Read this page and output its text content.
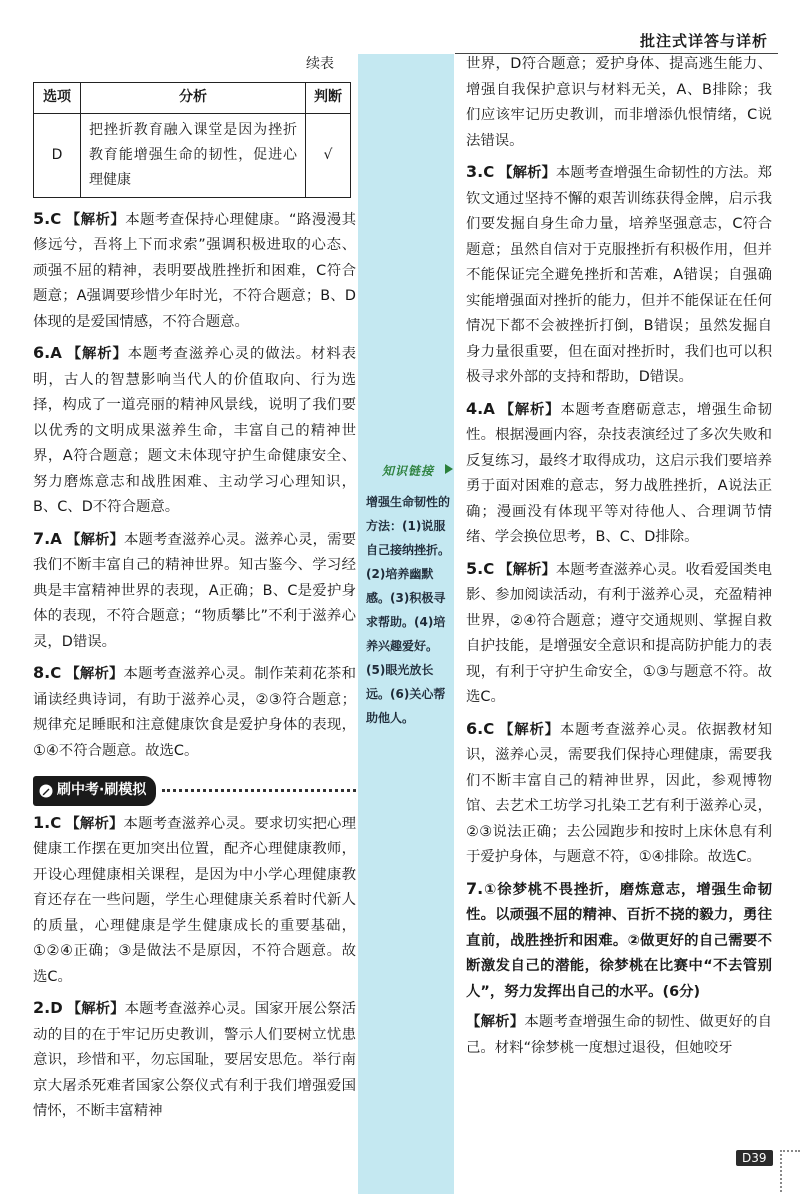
批注式详答与详析
续表
选项	分析	判断
D	把挫折教育融入课堂是因为挫折教育能增强生命的韧性，促进心理健康	√

5.C 【解析】本题考查保持心理健康。“路漫漫其修远兮，吾将上下而求索”强调积极进取的心态、顽强不屈的精神，表明要战胜挫折和困难，C符合题意；A强调要珍惜少年时光，不符合题意；B、D体现的是爱国情感，不符合题意。

6.A 【解析】本题考查滋养心灵的做法。材料表明，古人的智慧影响当代人的价值取向、行为选择，构成了一道亮丽的精神风景线，说明了我们要以优秀的文明成果滋养生命，丰富自己的精神世界，A符合题意；题文未体现守护生命健康安全、努力磨炼意志和战胜困难、主动学习心理知识，B、C、D不符合题意。

7.A 【解析】本题考查滋养心灵。滋养心灵，需要我们不断丰富自己的精神世界。知古鉴今、学习经典是丰富精神世界的表现，A正确；B、C是爱护身体的表现，不符合题意；“物质攀比”不利于滋养心灵，D错误。

8.C 【解析】本题考查滋养心灵。制作茉莉花茶和诵读经典诗词，有助于滋养心灵，②③符合题意；规律充足睡眠和注意健康饮食是爱护身体的表现，①④不符合题意。故选C。

刷中考·刷模拟

1.C 【解析】本题考查滋养心灵。要求切实把心理健康工作摆在更加突出位置，配齐心理健康教师，开设心理健康相关课程，是因为中小学心理健康教育还存在一些问题，学生心理健康关系着时代新人的质量，心理健康是学生健康成长的重要基础，①②④正确；③是做法不是原因，不符合题意。故选C。

2.D 【解析】本题考查滋养心灵。国家开展公祭活动的目的在于牢记历史教训，警示人们要树立忧患意识，珍惜和平，勿忘国耻，要居安思危。举行南京大屠杀死难者国家公祭仪式有利于我们增强爱国情怀，不断丰富精神

世界，D符合题意；爱护身体、提高逃生能力、增强自我保护意识与材料无关，A、B排除；我们应该牢记历史教训，而非增添仇恨情绪，C说法错误。

3.C 【解析】本题考查增强生命韧性的方法。郑钦文通过坚持不懈的艰苦训练获得金牌，启示我们要发掘自身生命力量，培养坚强意志，C符合题意；虽然自信对于克服挫折有积极作用，但并不能保证完全避免挫折和苦难，A错误；自强确实能增强面对挫折的能力，但并不能保证在任何情况下都不会被挫折打倒，B错误；虽然发掘自身力量很重要，但在面对挫折时，我们也可以积极寻求外部的支持和帮助，D错误。

4.A 【解析】本题考查磨砺意志，增强生命韧性。根据漫画内容，杂技表演经过了多次失败和反复练习，最终才取得成功，这启示我们要培养勇于面对困难的意志，努力战胜挫折，A说法正确；漫画没有体现平等对待他人、合理调节情绪、学会换位思考，B、C、D排除。

5.C 【解析】本题考查滋养心灵。收看爱国类电影、参加阅读活动，有利于滋养心灵，充盈精神世界，②④符合题意；遵守交通规则、掌握自救自护技能，是增强安全意识和提高防护能力的表现，有利于守护生命安全，①③与题意不符。故选C。

6.C 【解析】本题考查滋养心灵。依据教材知识，滋养心灵，需要我们保持心理健康，需要我们不断丰富自己的精神世界，因此，参观博物馆、去艺术工坊学习扎染工艺有利于滋养心灵，②③说法正确；去公园跑步和按时上床休息有利于爱护身体，与题意不符，①④排除。故选C。

7.①徐梦桃不畏挫折，磨炼意志，增强生命韧性。以顽强不屈的精神、百折不挠的毅力，勇往直前，战胜挫折和困难。②做更好的自己需要不断激发自己的潜能，徐梦桃在比赛中“不去管别人”，努力发挥出自己的水平。(6分)

【解析】本题考查增强生命的韧性、做更好的自己。材料“徐梦桃一度想过退役，但她咬牙

知识链接
增强生命韧性的方法：(1)说服自己接纳挫折。(2)培养幽默感。(3)积极寻求帮助。(4)培养兴趣爱好。(5)眼光放长远。(6)关心帮助他人。
D39
